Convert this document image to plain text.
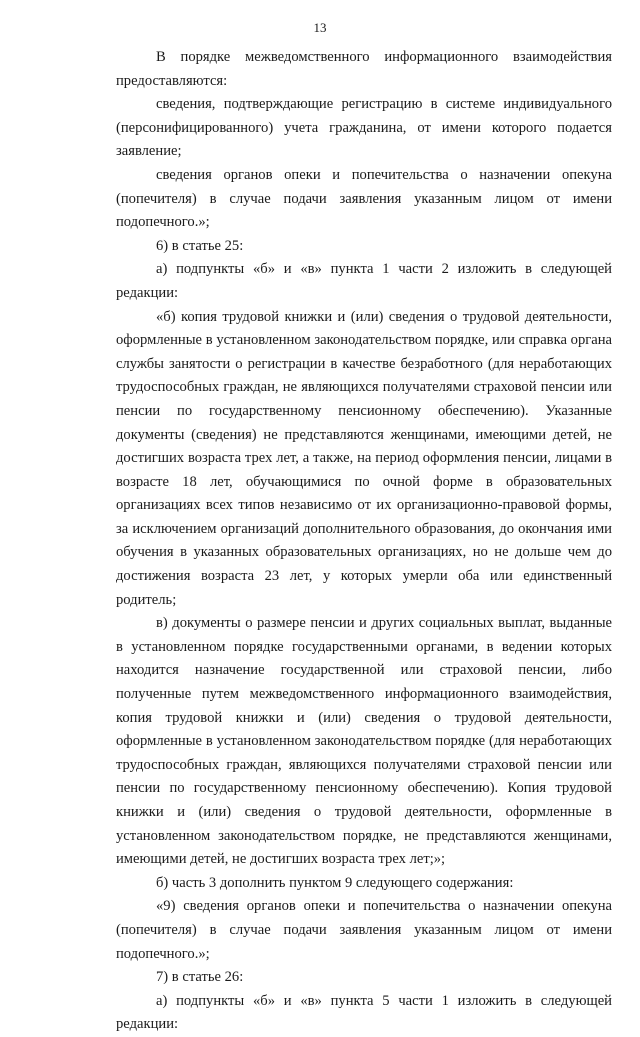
13

В порядке межведомственного информационного взаимодействия предоставляются:

сведения, подтверждающие регистрацию в системе индивидуального (персонифицированного) учета гражданина, от имени которого подается заявление;

сведения органов опеки и попечительства о назначении опекуна (попечителя) в случае подачи заявления указанным лицом от имени подопечного.»;

6) в статье 25:

а) подпункты «б» и «в» пункта 1 части 2 изложить в следующей редакции:

«б) копия трудовой книжки и (или) сведения о трудовой деятельности, оформленные в установленном законодательством порядке, или справка органа службы занятости о регистрации в качестве безработного (для неработающих трудоспособных граждан, не являющихся получателями страховой пенсии или пенсии по государственному пенсионному обеспечению). Указанные документы (сведения) не представляются женщинами, имеющими детей, не достигших возраста трех лет, а также, на период оформления пенсии, лицами в возрасте 18 лет, обучающимися по очной форме в образовательных организациях всех типов независимо от их организационно-правовой формы, за исключением организаций дополнительного образования, до окончания ими обучения в указанных образовательных организациях, но не дольше чем до достижения возраста 23 лет, у которых умерли оба или единственный родитель;

в) документы о размере пенсии и других социальных выплат, выданные в установленном порядке государственными органами, в ведении которых находится назначение государственной или страховой пенсии, либо полученные путем межведомственного информационного взаимодействия, копия трудовой книжки и (или) сведения о трудовой деятельности, оформленные в установленном законодательством порядке (для неработающих трудоспособных граждан, являющихся получателями страховой пенсии или пенсии по государственному пенсионному обеспечению). Копия трудовой книжки и (или) сведения о трудовой деятельности, оформленные в установленном законодательством порядке, не представляются женщинами, имеющими детей, не достигших возраста трех лет;»;

б) часть 3 дополнить пунктом 9 следующего содержания:

«9) сведения органов опеки и попечительства о назначении опекуна (попечителя) в случае подачи заявления указанным лицом от имени подопечного.»;

7) в статье 26:

а) подпункты «б» и «в» пункта 5 части 1 изложить в следующей редакции:
